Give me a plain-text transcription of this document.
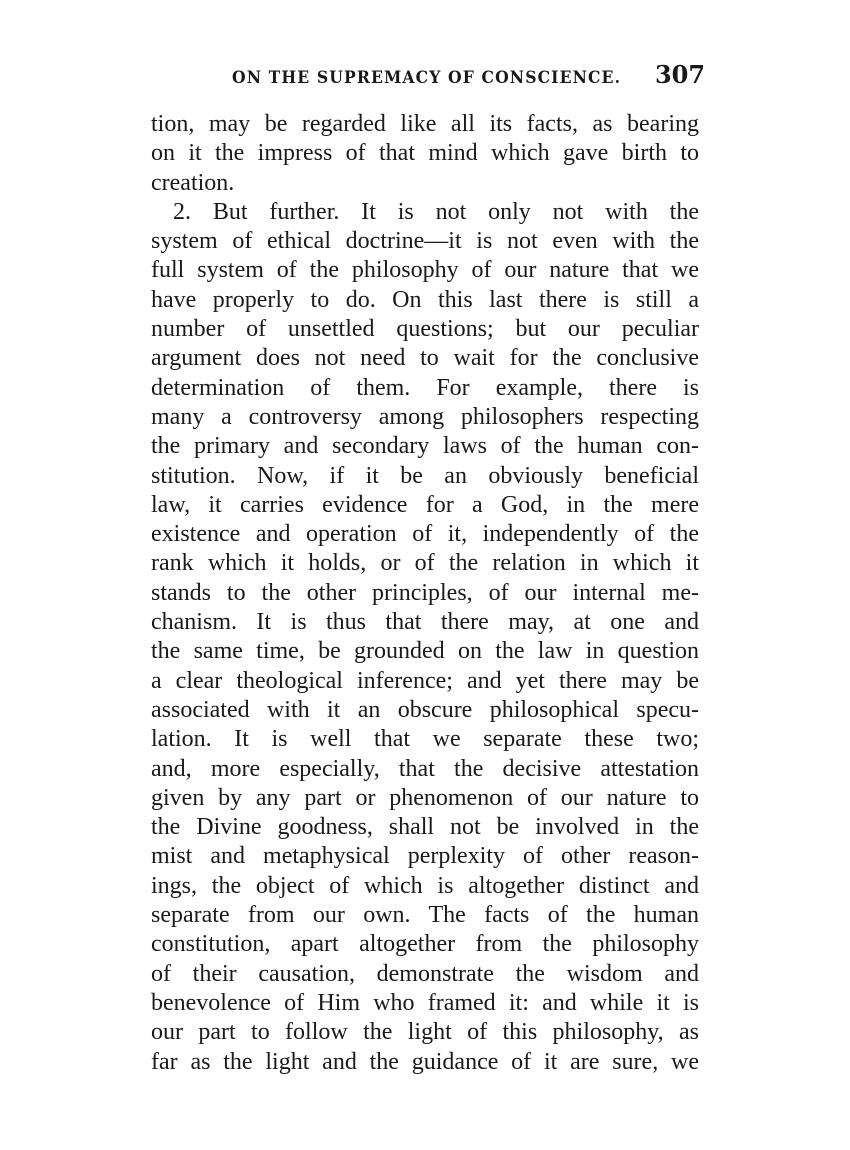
ON THE SUPREMACY OF CONSCIENCE. 307
tion, may be regarded like all its facts, as bearing
on it the impress of that mind which gave birth to
creation.
2. But further. It is not only not with the
system of ethical doctrine—it is not even with the
full system of the philosophy of our nature that we
have properly to do. On this last there is still a
number of unsettled questions; but our peculiar
argument does not need to wait for the conclusive
determination of them. For example, there is
many a controversy among philosophers respecting
the primary and secondary laws of the human con-
stitution. Now, if it be an obviously beneficial
law, it carries evidence for a God, in the mere
existence and operation of it, independently of the
rank which it holds, or of the relation in which it
stands to the other principles, of our internal me-
chanism. It is thus that there may, at one and
the same time, be grounded on the law in question
a clear theological inference; and yet there may be
associated with it an obscure philosophical specu-
lation. It is well that we separate these two;
and, more especially, that the decisive attestation
given by any part or phenomenon of our nature to
the Divine goodness, shall not be involved in the
mist and metaphysical perplexity of other reason-
ings, the object of which is altogether distinct and
separate from our own. The facts of the human
constitution, apart altogether from the philosophy
of their causation, demonstrate the wisdom and
benevolence of Him who framed it: and while it is
our part to follow the light of this philosophy, as
far as the light and the guidance of it are sure, we
